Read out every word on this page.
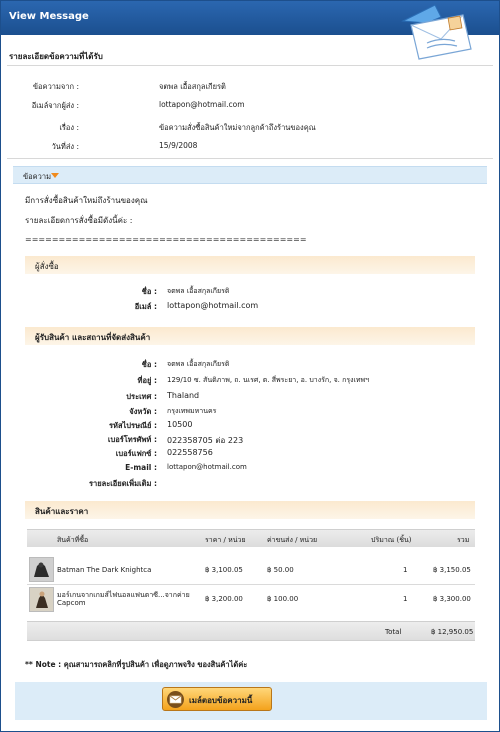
View Message
รายละเอียดข้อความที่ได้รับ
ข้อความจาก :	จตพล เอื้อสกุลเกียรติ
อีเมล์จากผู้ส่ง :	lottapon@hotmail.com
เรื่อง :	ข้อความสั่งซื้อสินค้าใหม่จากลูกค้าถึงร้านของคุณ
วันที่ส่ง :	15/9/2008
ข้อความ
มีการสั่งซื้อสินค้าใหม่ถึงร้านของคุณ
รายละเอียดการสั่งซื้อมีดังนี้ค่ะ :
==========================================
ผู้สั่งซื้อ
ชื่อ : จตพล เอื้อสกุลเกียรติ
อีเมล์ : lottapon@hotmail.com
ผู้รับสินค้า และสถานที่จัดส่งสินค้า
ชื่อ : จตพล เอื้อสกุลเกียรติ
ที่อยู่ : 129/10 ซ. สันติภาพ, ถ. นเรศ, ต. สี่พระยา, อ. บางรัก, จ. กรุงเทพฯ
ประเทศ : Thaland
จังหวัด : กรุงเทพมหานคร
รหัสไปรษณีย์ : 10500
เบอร์โทรศัพท์ : 022358705 ต่อ 223
เบอร์แฟกซ์ : 022558756
E-mail : lottapon@hotmail.com
รายละเอียดเพิ่มเติม :
สินค้าและราคา
สินค้าที่ซื้อ	ราคา / หน่วย	ค่าขนส่ง / หน่วย	ปริมาณ (ชิ้น)	รวม
Batman The Dark Knightca	฿ 3,100.05	฿ 50.00	1	฿ 3,150.05
มอร์เกนจากเกมส์ไฟนอลแฟนตาซี...จากค่าย
Capcom	฿ 3,200.00	฿ 100.00	1	฿ 3,300.00
Total	฿ 12,950.05
** Note : คุณสามารถคลิกที่รูปสินค้า เพื่อดูภาพจริง ของสินค้าได้ค่ะ
เมล์ตอบข้อความนี้
